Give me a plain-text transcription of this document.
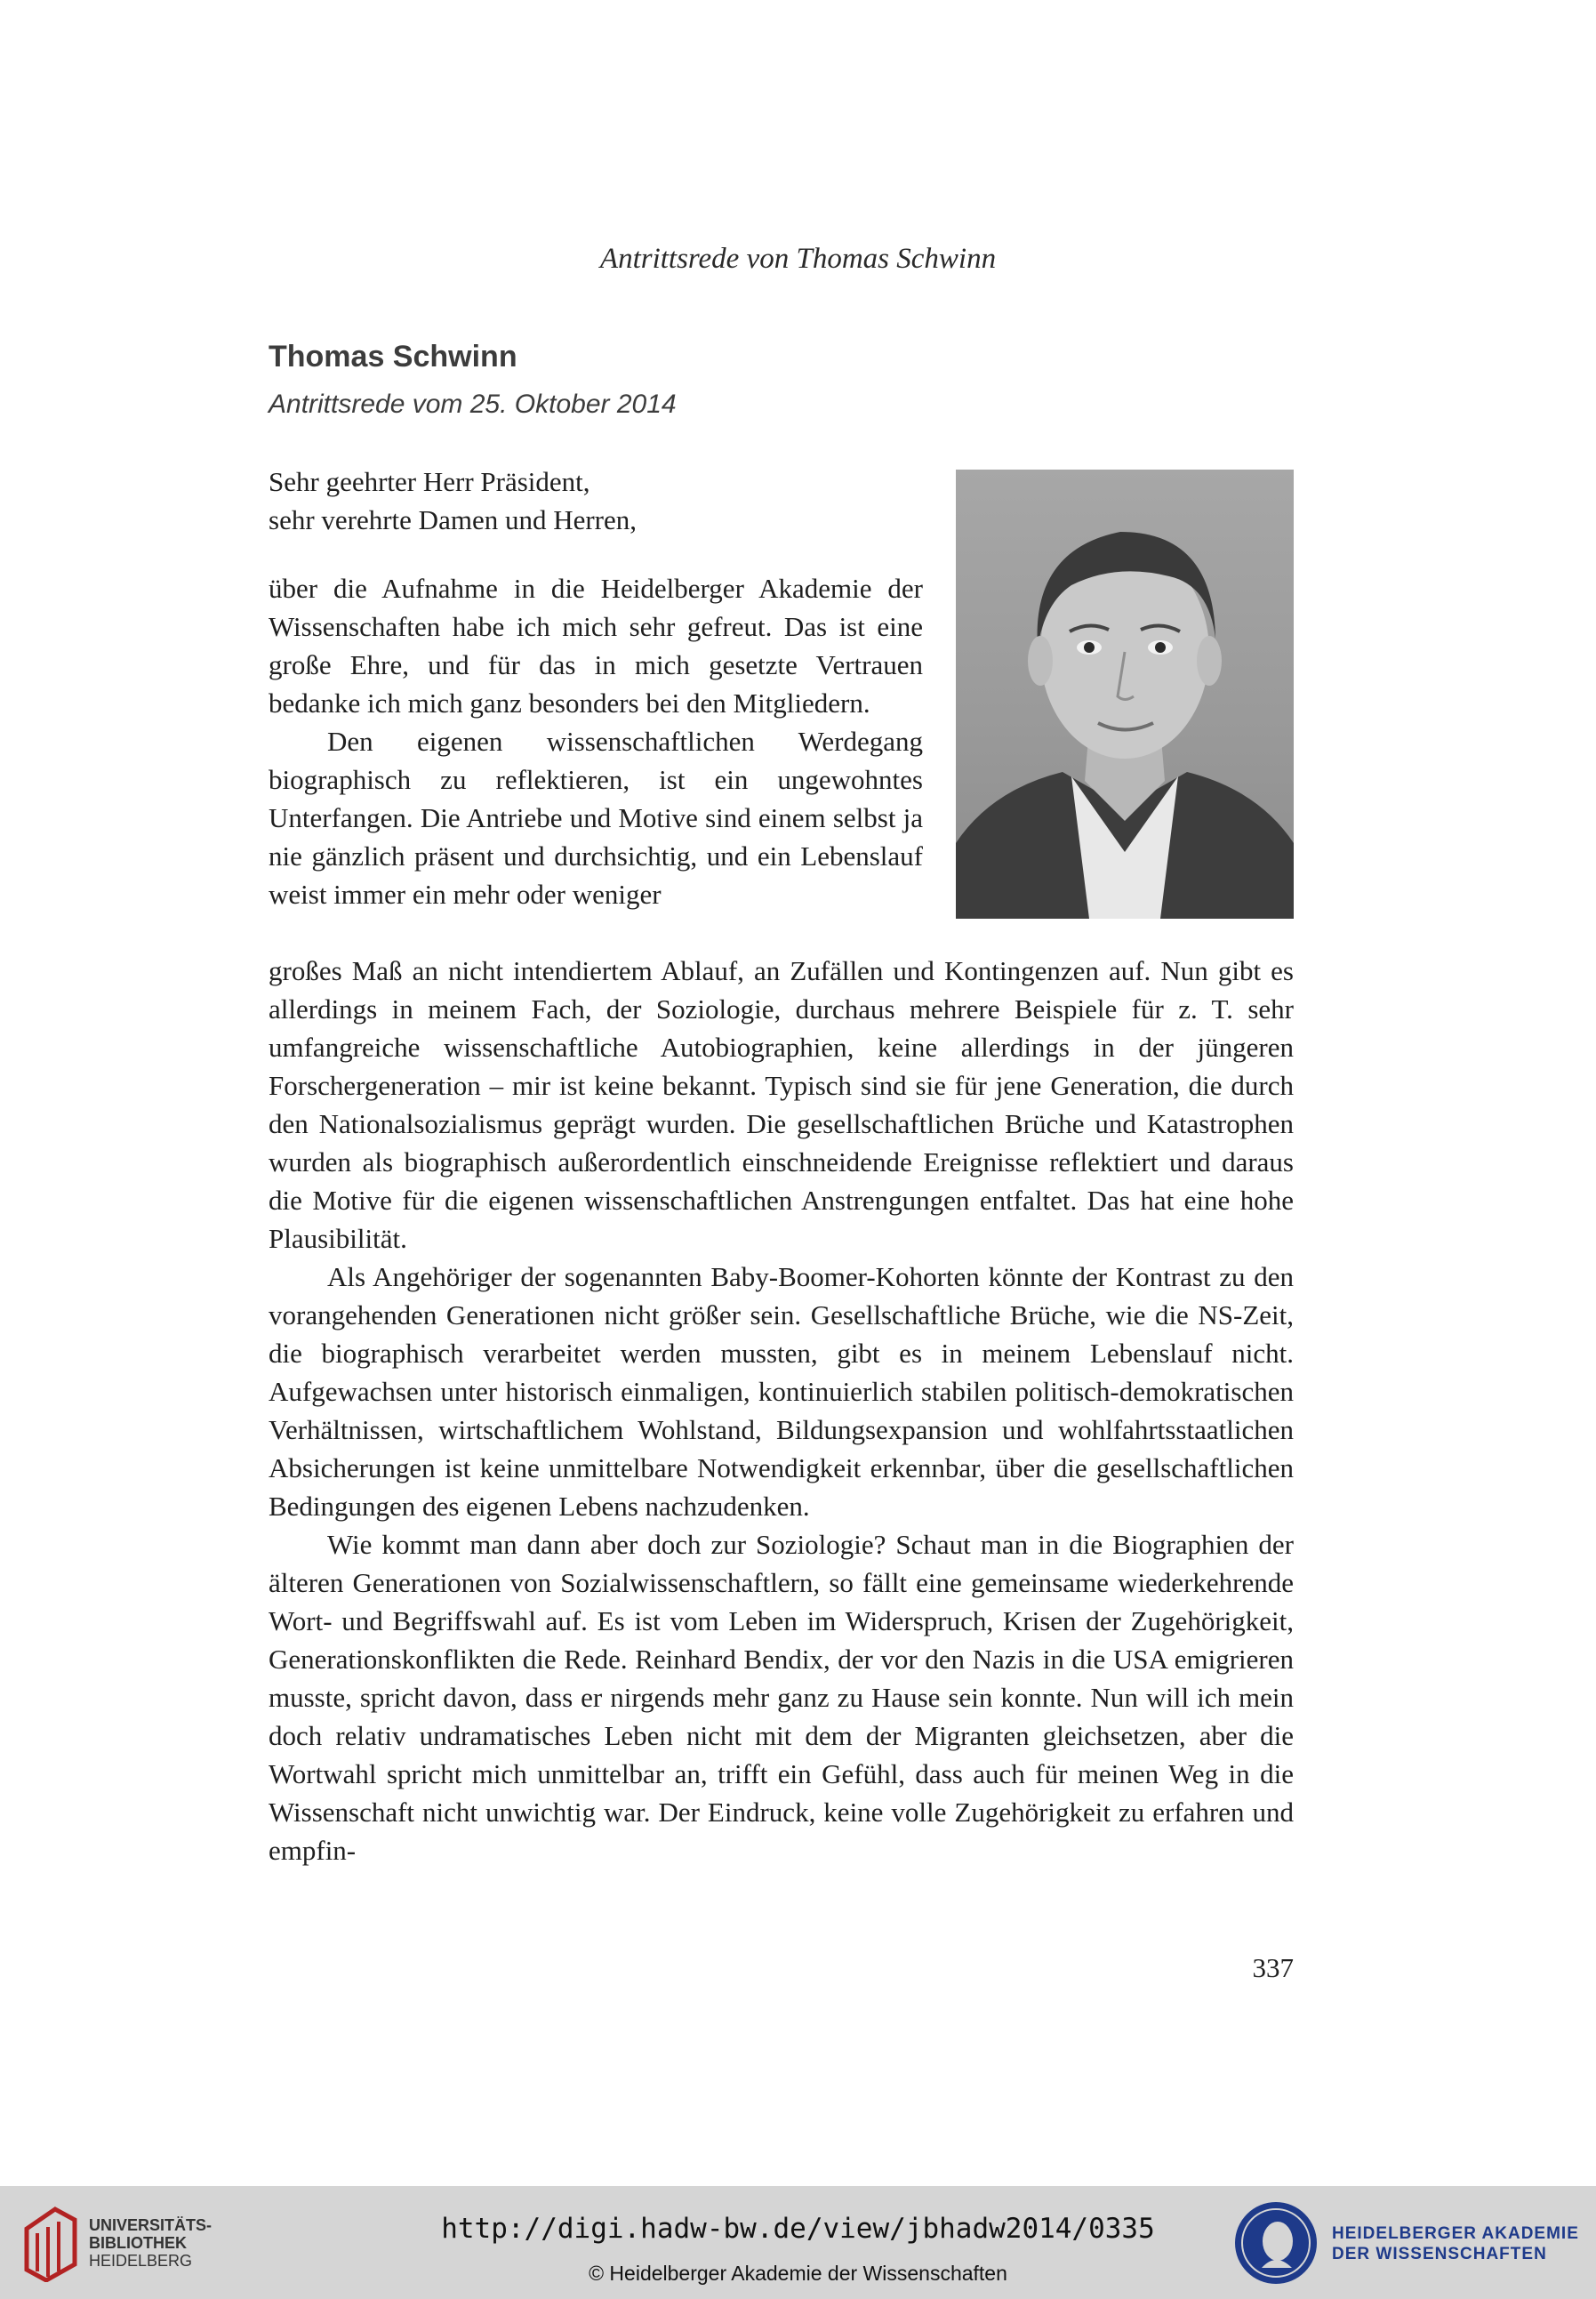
Antrittsrede von Thomas Schwinn
Thomas Schwinn
Antrittsrede vom 25. Oktober 2014
Sehr geehrter Herr Präsident,
sehr verehrte Damen und Herren,

über die Aufnahme in die Heidelberger Akademie der Wissenschaften habe ich mich sehr gefreut. Das ist eine große Ehre, und für das in mich gesetzte Vertrauen bedanke ich mich ganz besonders bei den Mitgliedern.

Den eigenen wissenschaftlichen Werdegang biographisch zu reflektieren, ist ein ungewohntes Unterfangen. Die Antriebe und Motive sind einem selbst ja nie gänzlich präsent und durchsichtig, und ein Lebenslauf weist immer ein mehr oder weniger

großes Maß an nicht intendiertem Ablauf, an Zufällen und Kontingenzen auf. Nun gibt es allerdings in meinem Fach, der Soziologie, durchaus mehrere Beispiele für z. T. sehr umfangreiche wissenschaftliche Autobiographien, keine allerdings in der jüngeren Forschergeneration – mir ist keine bekannt. Typisch sind sie für jene Generation, die durch den Nationalsozialismus geprägt wurden. Die gesellschaftlichen Brüche und Katastrophen wurden als biographisch außerordentlich einschneidende Ereignisse reflektiert und daraus die Motive für die eigenen wissenschaftlichen Anstrengungen entfaltet. Das hat eine hohe Plausibilität.

Als Angehöriger der sogenannten Baby-Boomer-Kohorten könnte der Kontrast zu den vorangehenden Generationen nicht größer sein. Gesellschaftliche Brüche, wie die NS-Zeit, die biographisch verarbeitet werden mussten, gibt es in meinem Lebenslauf nicht. Aufgewachsen unter historisch einmaligen, kontinuierlich stabilen politisch-demokratischen Verhältnissen, wirtschaftlichem Wohlstand, Bildungsexpansion und wohlfahrtsstaatlichen Absicherungen ist keine unmittelbare Notwendigkeit erkennbar, über die gesellschaftlichen Bedingungen des eigenen Lebens nachzudenken.

Wie kommt man dann aber doch zur Soziologie? Schaut man in die Biographien der älteren Generationen von Sozialwissenschaftlern, so fällt eine gemeinsame wiederkehrende Wort- und Begriffswahl auf. Es ist vom Leben im Widerspruch, Krisen der Zugehörigkeit, Generationskonflikten die Rede. Reinhard Bendix, der vor den Nazis in die USA emigrieren musste, spricht davon, dass er nirgends mehr ganz zu Hause sein konnte. Nun will ich mein doch relativ undramatisches Leben nicht mit dem der Migranten gleichsetzen, aber die Wortwahl spricht mich unmittelbar an, trifft ein Gefühl, dass auch für meinen Weg in die Wissenschaft nicht unwichtig war. Der Eindruck, keine volle Zugehörigkeit zu erfahren und empfin-

337
UNIVERSITÄTS-
BIBLIOTHEK
HEIDELBERG
http://digi.hadw-bw.de/view/jbhadw2014/0335
© Heidelberger Akademie der Wissenschaften
HEIDELBERGER AKADEMIE
DER WISSENSCHAFTEN
